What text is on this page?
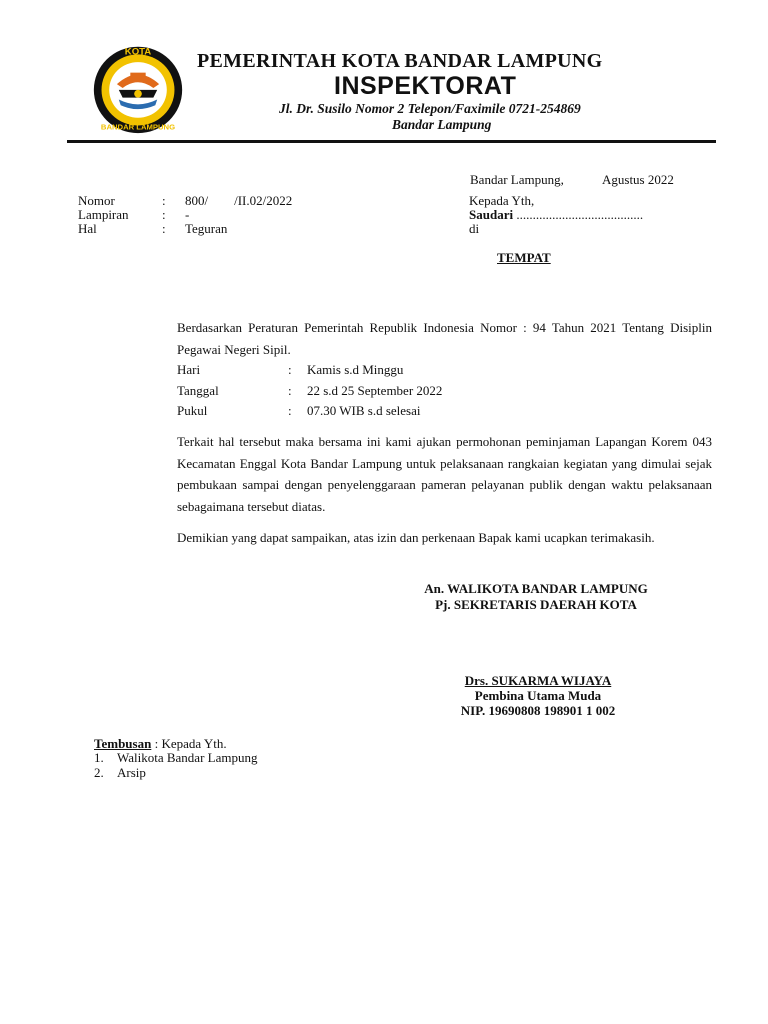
KOTA
BANDAR LAMPUNG
PEMERINTAH KOTA BANDAR LAMPUNG
INSPEKTORAT
Jl. Dr. Susilo Nomor 2 Telepon/Faximile 0721-254869
Bandar Lampung
Bandar Lampung,	Agustus 2022
Nomor	: 800/        /II.02/2022
Lampiran	: -
Hal	: Teguran
Kepada Yth,
Saudari .......................................
di
TEMPAT
Berdasarkan Peraturan Pemerintah Republik Indonesia Nomor : 94 Tahun 2021 Tentang Disiplin Pegawai Negeri Sipil.
Hari	: Kamis s.d Minggu
Tanggal	: 22 s.d 25 September 2022
Pukul	: 07.30 WIB s.d selesai
Terkait hal tersebut maka bersama ini kami ajukan permohonan peminjaman Lapangan Korem 043 Kecamatan Enggal Kota Bandar Lampung untuk pelaksanaan rangkaian kegiatan yang dimulai sejak pembukaan sampai dengan penyelenggaraan pameran pelayanan publik dengan waktu pelaksanaan sebagaimana tersebut diatas.
Demikian yang dapat sampaikan, atas izin dan perkenaan Bapak kami ucapkan terimakasih.
An. WALIKOTA BANDAR LAMPUNG
Pj. SEKRETARIS DAERAH KOTA
Drs. SUKARMA WIJAYA
Pembina Utama Muda
NIP. 19690808 198901 1 002
Tembusan : Kepada Yth.
1. Walikota Bandar Lampung
2. Arsip
